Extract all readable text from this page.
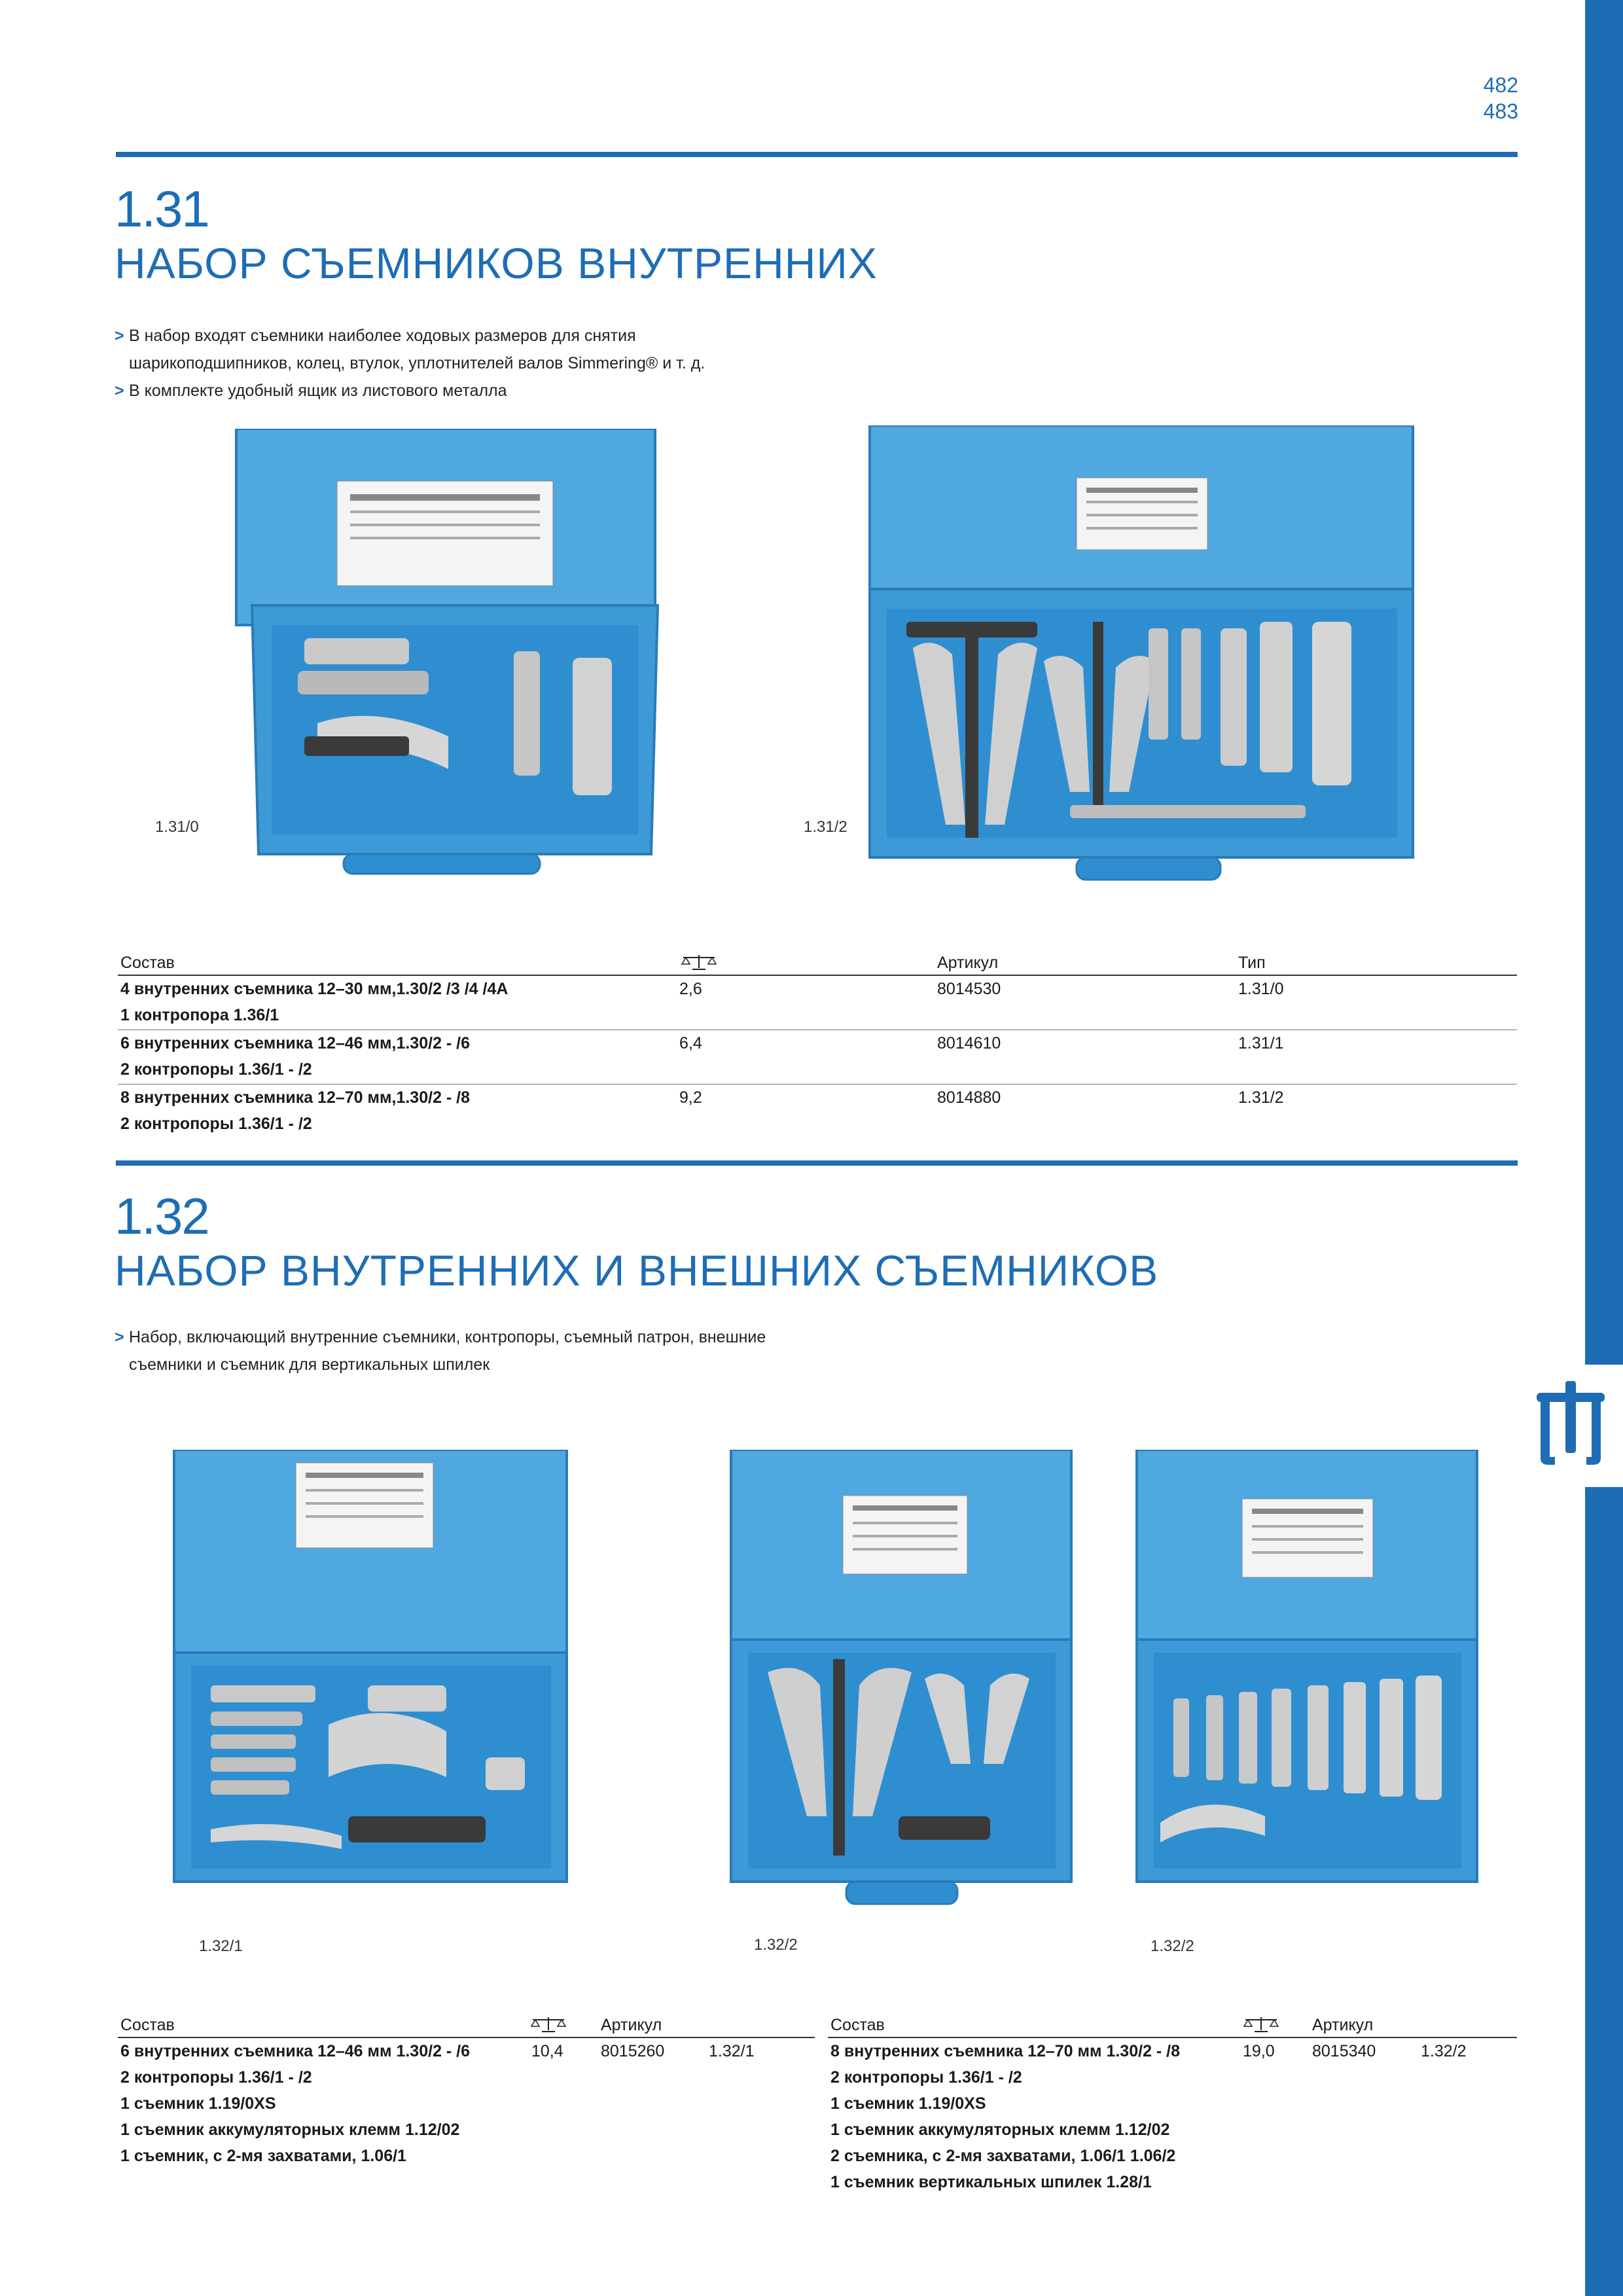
482
483
1.31
НАБОР СЪЕМНИКОВ ВНУТРЕННИХ
> В набор входят съемники наиболее ходовых размеров для снятия
шарикоподшипников, колец, втулок, уплотнителей валов Simmering® и т. д.
> В комплекте удобный ящик из листового металла
1.31/0	1.31/2
Состав	Артикул	Тип
4 внутренних съемника 12–30 мм,1.30/2 /3 /4 /4A
1 контропора 1.36/1
2,6	8014530	1.31/0
6 внутренних съемника 12–46 мм,1.30/2 - /6
2 контропоры 1.36/1 - /2
6,4	8014610	1.31/1
8 внутренних съемника 12–70 мм,1.30/2 - /8
2 контропоры 1.36/1 - /2
9,2	8014880	1.31/2
1.32
НАБОР ВНУТРЕННИХ И ВНЕШНИХ СЪЕМНИКОВ
> Набор, включающий внутренние съемники, контропоры, съемный патрон, внешние
съемники и съемник для вертикальных шпилек
1.32/1	1.32/2	1.32/2
Состав	Артикул
6 внутренних съемника 12–46 мм 1.30/2 - /6
2 контропоры 1.36/1 - /2
1 съемник 1.19/0XS
1 съемник аккумуляторных клемм 1.12/02
1 съемник, с 2-мя захватами, 1.06/1
10,4 8015260	1.32/1
Состав	Артикул
8 внутренних съемника 12–70 мм 1.30/2 - /8
2 контропоры 1.36/1 - /2
1 съемник 1.19/0XS
1 съемник аккумуляторных клемм 1.12/02
2 съемника, с 2-мя захватами, 1.06/1 1.06/2
1 съемник вертикальных шпилек 1.28/1
19,0 8015340	1.32/2
